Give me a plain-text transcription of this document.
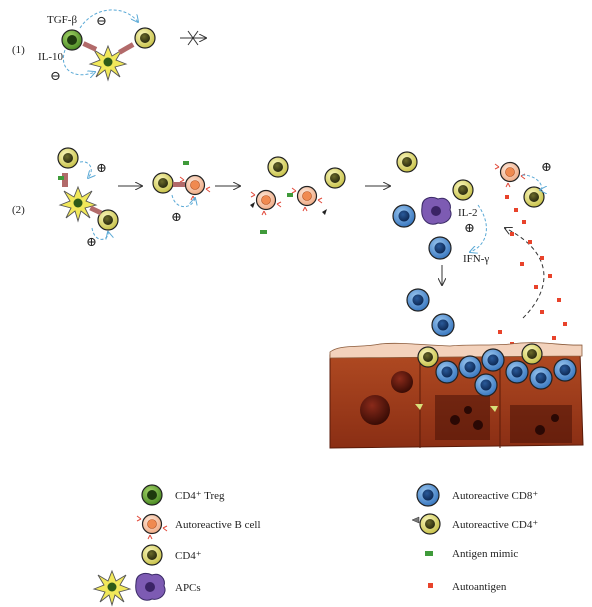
(1)
TGF-β
IL-10
⊖
⊖
(2)
⊕
⊕
⊕	IL-2
⊕
IFN-γ
⊕
CD4⁺ Treg
Autoreactive B cell
CD4⁺
APCs
Autoreactive CD8⁺
Autoreactive CD4⁺
Antigen mimic
Autoantigen
